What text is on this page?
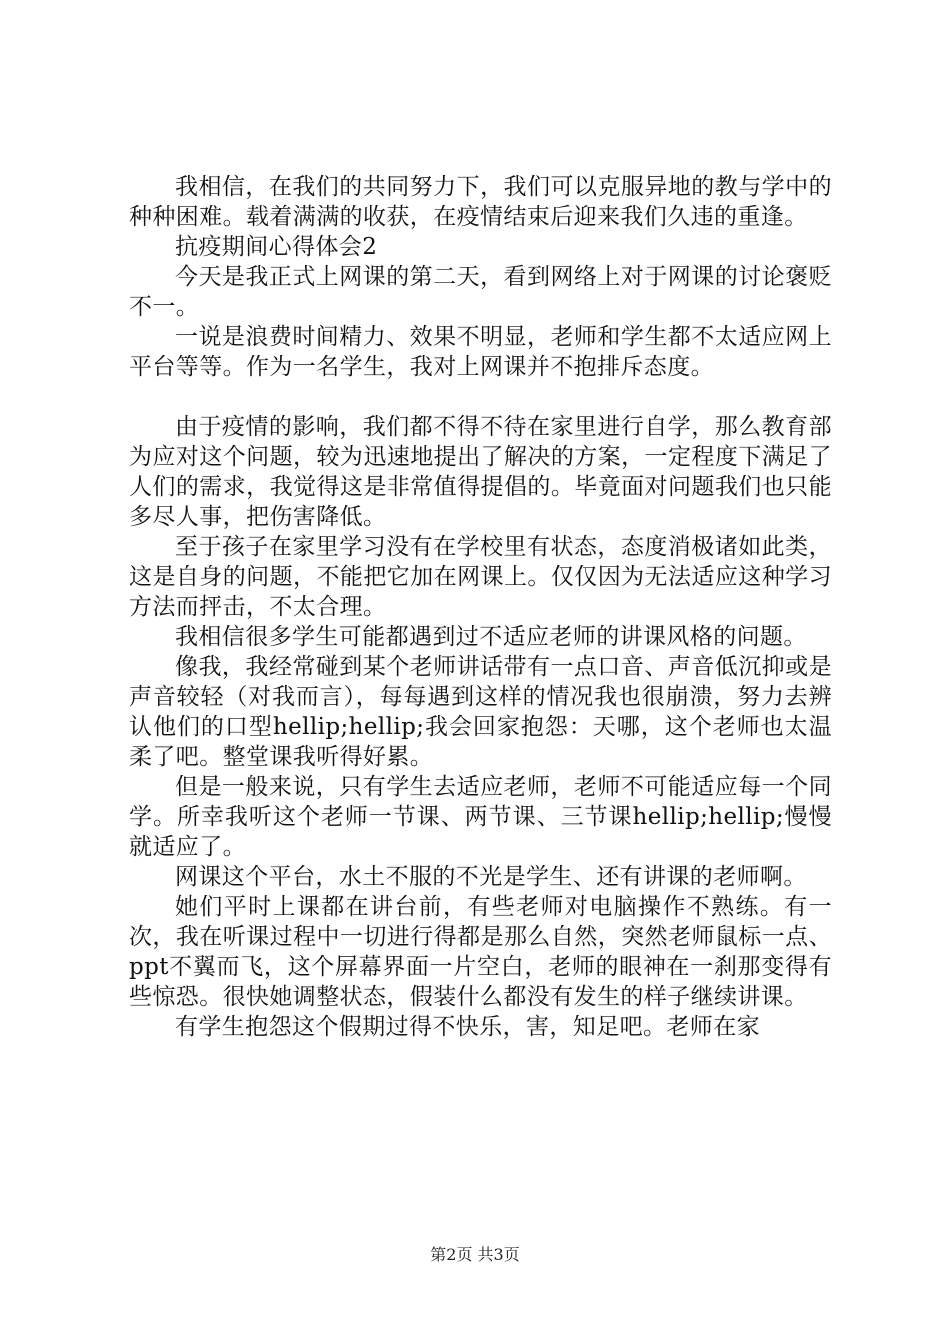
我相信，在我们的共同努力下，我们可以克服异地的教与学中的种种困难。载着满满的收获，在疫情结束后迎来我们久违的重逢。

抗疫期间心得体会2

今天是我正式上网课的第二天，看到网络上对于网课的讨论褒贬不一。

一说是浪费时间精力、效果不明显，老师和学生都不太适应网上平台等等。作为一名学生，我对上网课并不抱排斥态度。

由于疫情的影响，我们都不得不待在家里进行自学，那么教育部为应对这个问题，较为迅速地提出了解决的方案，一定程度下满足了人们的需求，我觉得这是非常值得提倡的。毕竟面对问题我们也只能多尽人事，把伤害降低。

至于孩子在家里学习没有在学校里有状态，态度消极诸如此类，这是自身的问题，不能把它加在网课上。仅仅因为无法适应这种学习方法而抨击，不太合理。

我相信很多学生可能都遇到过不适应老师的讲课风格的问题。

像我，我经常碰到某个老师讲话带有一点口音、声音低沉抑或是声音较轻（对我而言），每每遇到这样的情况我也很崩溃，努力去辨认他们的口型hellip;hellip;我会回家抱怨：天哪，这个老师也太温柔了吧。整堂课我听得好累。

但是一般来说，只有学生去适应老师，老师不可能适应每一个同学。所幸我听这个老师一节课、两节课、三节课hellip;hellip;慢慢就适应了。

网课这个平台，水土不服的不光是学生、还有讲课的老师啊。

她们平时上课都在讲台前，有些老师对电脑操作不熟练。有一次，我在听课过程中一切进行得都是那么自然，突然老师鼠标一点、ppt不翼而飞，这个屏幕界面一片空白，老师的眼神在一刹那变得有些惊恐。很快她调整状态，假装什么都没有发生的样子继续讲课。

有学生抱怨这个假期过得不快乐，害，知足吧。老师在家

第2页 共3页
